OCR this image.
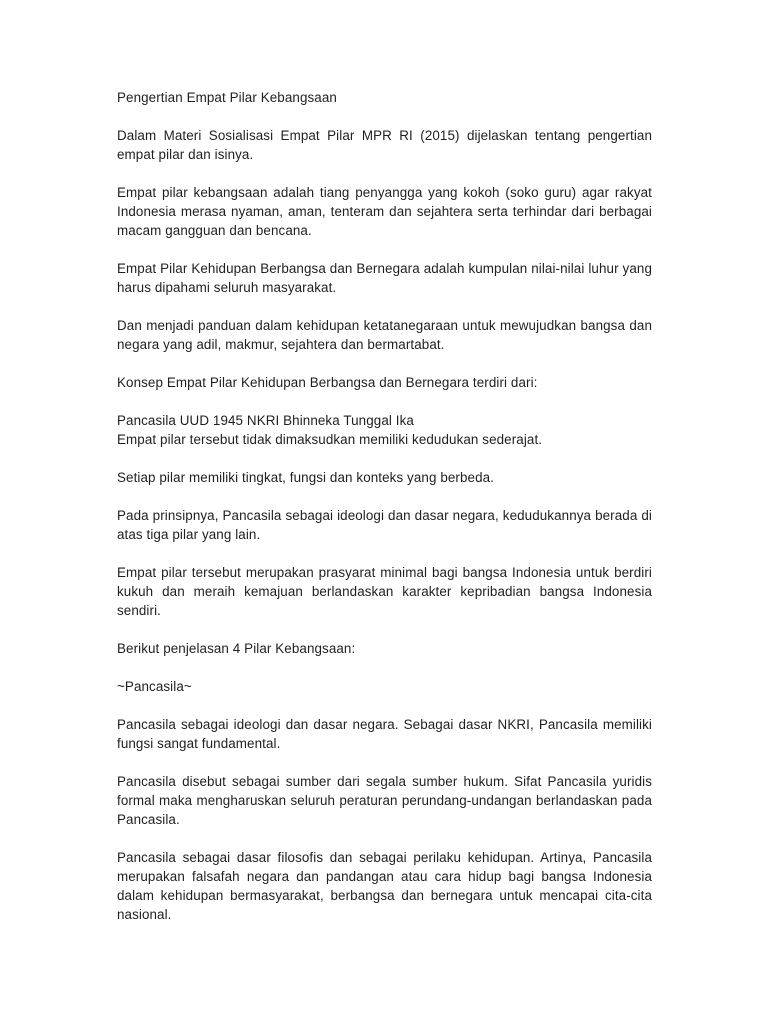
Pengertian Empat Pilar Kebangsaan

Dalam Materi Sosialisasi Empat Pilar MPR RI (2015) dijelaskan tentang pengertian empat pilar dan isinya.

Empat pilar kebangsaan adalah tiang penyangga yang kokoh (soko guru) agar rakyat Indonesia merasa nyaman, aman, tenteram dan sejahtera serta terhindar dari berbagai macam gangguan dan bencana.

Empat Pilar Kehidupan Berbangsa dan Bernegara adalah kumpulan nilai-nilai luhur yang harus dipahami seluruh masyarakat.

Dan menjadi panduan dalam kehidupan ketatanegaraan untuk mewujudkan bangsa dan negara yang adil, makmur, sejahtera dan bermartabat.

Konsep Empat Pilar Kehidupan Berbangsa dan Bernegara terdiri dari:

Pancasila UUD 1945 NKRI Bhinneka Tunggal Ika
Empat pilar tersebut tidak dimaksudkan memiliki kedudukan sederajat.

Setiap pilar memiliki tingkat, fungsi dan konteks yang berbeda.

Pada prinsipnya, Pancasila sebagai ideologi dan dasar negara, kedudukannya berada di atas tiga pilar yang lain.

Empat pilar tersebut merupakan prasyarat minimal bagi bangsa Indonesia untuk berdiri kukuh dan meraih kemajuan berlandaskan karakter kepribadian bangsa Indonesia sendiri.

Berikut penjelasan 4 Pilar Kebangsaan:

~Pancasila~

Pancasila sebagai ideologi dan dasar negara. Sebagai dasar NKRI, Pancasila memiliki fungsi sangat fundamental.

Pancasila disebut sebagai sumber dari segala sumber hukum. Sifat Pancasila yuridis formal maka mengharuskan seluruh peraturan perundang-undangan berlandaskan pada Pancasila.

Pancasila sebagai dasar filosofis dan sebagai perilaku kehidupan. Artinya, Pancasila merupakan falsafah negara dan pandangan atau cara hidup bagi bangsa Indonesia dalam kehidupan bermasyarakat, berbangsa dan bernegara untuk mencapai cita-cita nasional.
